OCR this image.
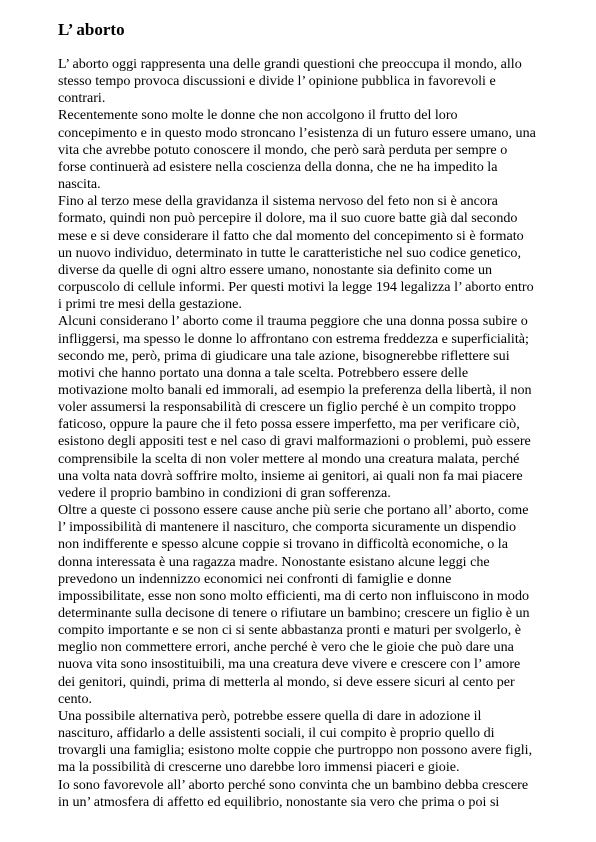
L’ aborto

L’ aborto oggi rappresenta una delle grandi questioni che preoccupa il mondo, allo
stesso tempo provoca discussioni e divide l’ opinione pubblica in favorevoli e
contrari.

Recentemente sono molte le donne che non accolgono il frutto del loro
concepimento e in questo modo stroncano l’esistenza di un futuro essere umano, una
vita che avrebbe potuto conoscere il mondo, che però sarà perduta per sempre o
forse continuerà ad esistere nella coscienza della donna, che ne ha impedito la
nascita.

Fino al terzo mese della gravidanza il sistema nervoso del feto non si è ancora
formato, quindi non può percepire il dolore, ma il suo cuore batte già dal secondo
mese e si deve considerare il fatto che dal momento del concepimento si è formato
un nuovo individuo, determinato in tutte le caratteristiche nel suo codice genetico,
diverse da quelle di ogni altro essere umano, nonostante sia definito come un
corpuscolo di cellule informi. Per questi motivi la legge 194 legalizza l’ aborto entro
i primi tre mesi della gestazione.

Alcuni considerano l’ aborto come il trauma peggiore che una donna possa subire o
infliggersi, ma spesso le donne lo affrontano con estrema freddezza e superficialità;
secondo me, però, prima di giudicare una tale azione, bisognerebbe riflettere sui
motivi che hanno portato una donna a tale scelta. Potrebbero essere delle
motivazione molto banali ed immorali, ad esempio la preferenza della libertà, il non
voler assumersi la responsabilità di crescere un figlio perché è un compito troppo
faticoso, oppure la paure che il feto possa essere imperfetto, ma per verificare ciò,
esistono degli appositi test e nel caso di gravi malformazioni o problemi, può essere
comprensibile la scelta di non voler mettere al mondo una creatura malata, perché
una volta nata dovrà soffrire molto, insieme ai genitori, ai quali non fa mai piacere
vedere il proprio bambino in condizioni di gran sofferenza.

Oltre a queste ci possono essere cause anche più serie che portano all’ aborto, come
l’ impossibilità di mantenere il nascituro, che comporta sicuramente un dispendio
non indifferente e spesso alcune coppie si trovano in difficoltà economiche, o la
donna interessata è una ragazza madre. Nonostante esistano alcune leggi che
prevedono un indennizzo economici nei confronti di famiglie e donne
impossibilitate, esse non sono molto efficienti, ma di certo non influiscono in modo
determinante sulla decisone di tenere o rifiutare un bambino; crescere un figlio è un
compito importante e se non ci si sente abbastanza pronti e maturi per svolgerlo, è
meglio non commettere errori, anche perché è vero che le gioie che può dare una
nuova vita sono insostituibili, ma una creatura deve vivere e crescere con l’ amore
dei genitori, quindi, prima di metterla al mondo, si deve essere sicuri al cento per
cento.

Una possibile alternativa però, potrebbe essere quella di dare in adozione il
nascituro, affidarlo a delle assistenti sociali, il cui compito è proprio quello di
trovargli una famiglia; esistono molte coppie che purtroppo non possono avere figli,
ma la possibilità di crescerne uno darebbe loro immensi piaceri e gioie.

Io sono favorevole all’ aborto perché sono convinta che un bambino debba crescere
in un’ atmosfera di affetto ed equilibrio, nonostante sia vero che prima o poi si
